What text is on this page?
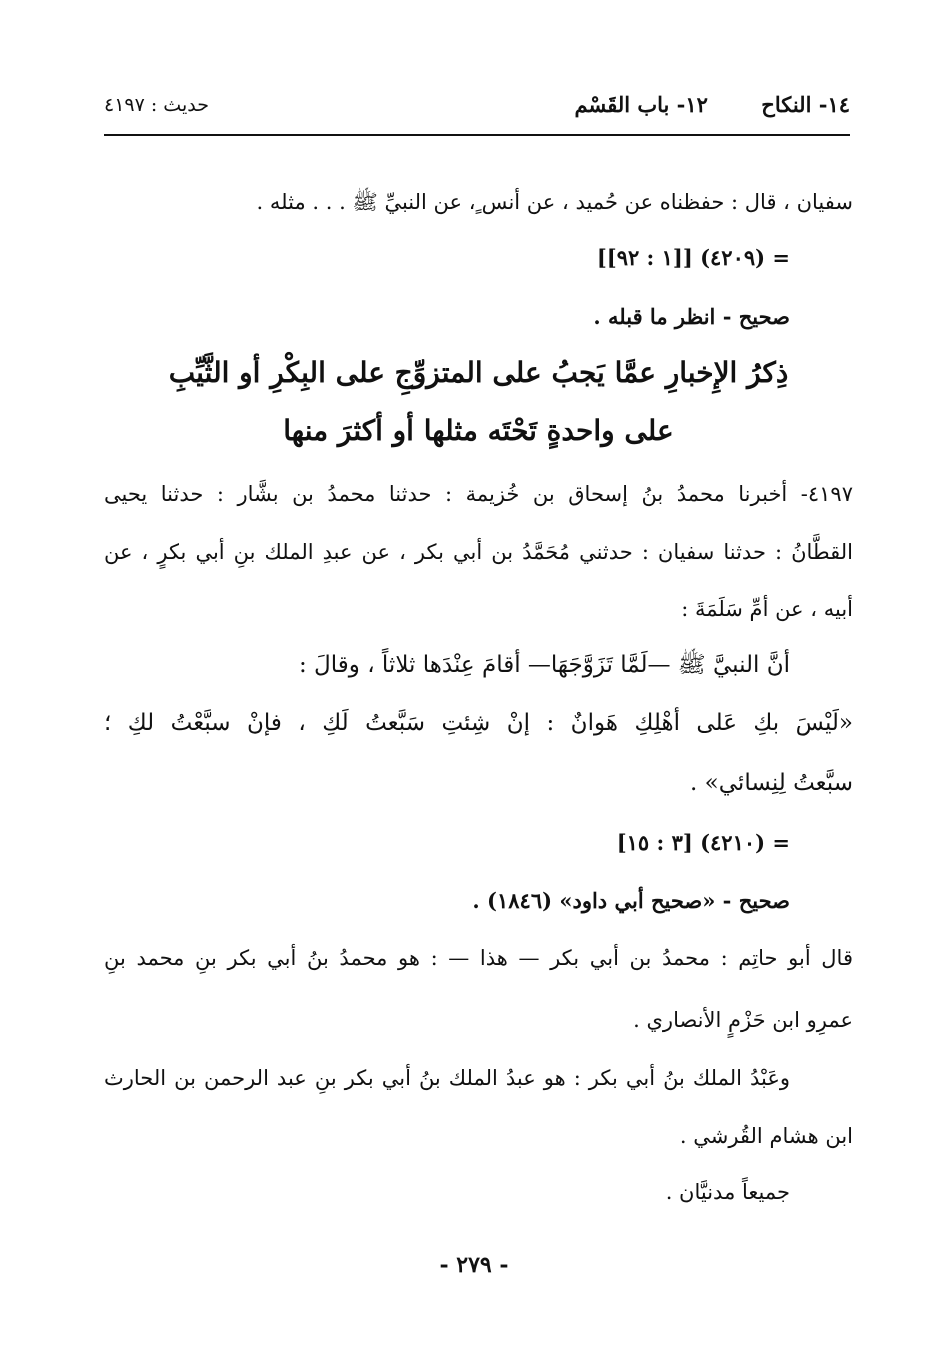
١٤- النكاح ١٢- باب القَسْم
حديث : ٤١٩٧
سفيان ، قال : حفظناه عن حُميد ، عن أنس ٍ، عن النبيِّ ﷺ . . . مثله .
= (٤٢٠٩) [[١ : ٩٢]]
صحيح - انظر ما قبله .
ذِكرُ الإِخبارِ عمَّا يَجبُ على المتزوِّجِ على البِكْرِ أو الثَّيِّبِ
على واحدةٍ تَحْتَه مثلها أو أكثرَ منها
٤١٩٧- أخبرنا محمدُ بنُ إسحاق بن خُزيمة : حدثنا محمدُ بن بشَّار : حدثنا يحيى
القطَّانُ : حدثنا سفيان : حدثني مُحَمَّدُ بن أبي بكر ، عن عبدِ الملك بنِ أبي بكرٍ ، عن
أبيه ، عن أمِّ سَلَمَةَ :
أنَّ النبيَّ ﷺ —لَمَّا تَزَوَّجَهَا— أقامَ عِنْدَها ثلاثاً ، وقالَ :
«لَيْسَ بكِ عَلى أهْلِكِ هَوانٌ : إنْ شِئتِ سَبَّعتُ لَكِ ، فإنْ سبَّعْتُ لكِ ؛
سبَّعتُ لِنِسائي» .
= (٤٢١٠) [٣ : ١٥]
صحيح - «صحيح أبي داود» (١٨٤٦) .
قال أبو حاتِم : محمدُ بن أبي بكر — هذا — : هو محمدُ بنُ أبي بكر بنِ محمد بنِ
عمرِو ابن حَزْمٍ الأنصاري .
وعَبْدُ الملك بنُ أبي بكر : هو عبدُ الملك بنُ أبي بكر بنِ عبد الرحمن بن الحارث
ابن هشام القُرشي .
جميعاً مدنيَّان .
- ٢٧٩ -
